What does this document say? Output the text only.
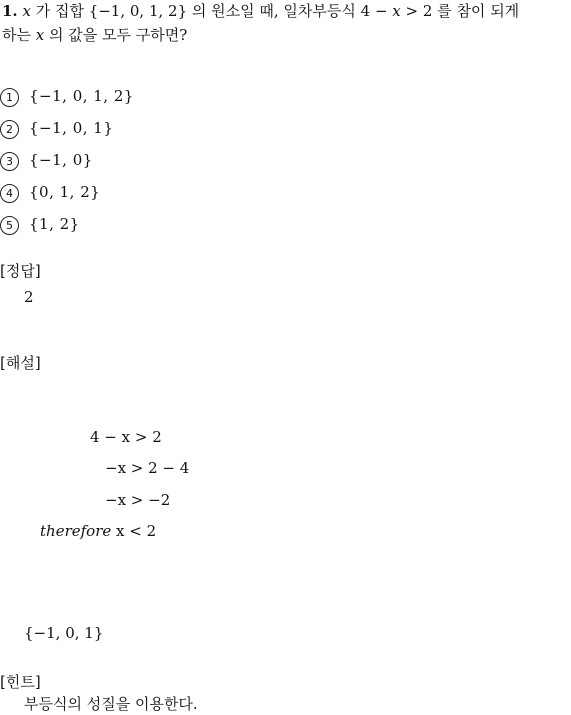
1. x 가 집합 {−1, 0, 1, 2} 의 원소일 때, 일차부등식 4 − x > 2 를 참이 되게
하는 x 의 값을 모두 구하면?
1 {−1, 0, 1, 2}
2 {−1, 0, 1}
3 {−1, 0}
4 {0, 1, 2}
5 {1, 2}
[정답]
2
[해설]
4 − x > 2
−x > 2 − 4
−x > −2
therefore x < 2
{−1, 0, 1}
[힌트]
부등식의 성질을 이용한다.
